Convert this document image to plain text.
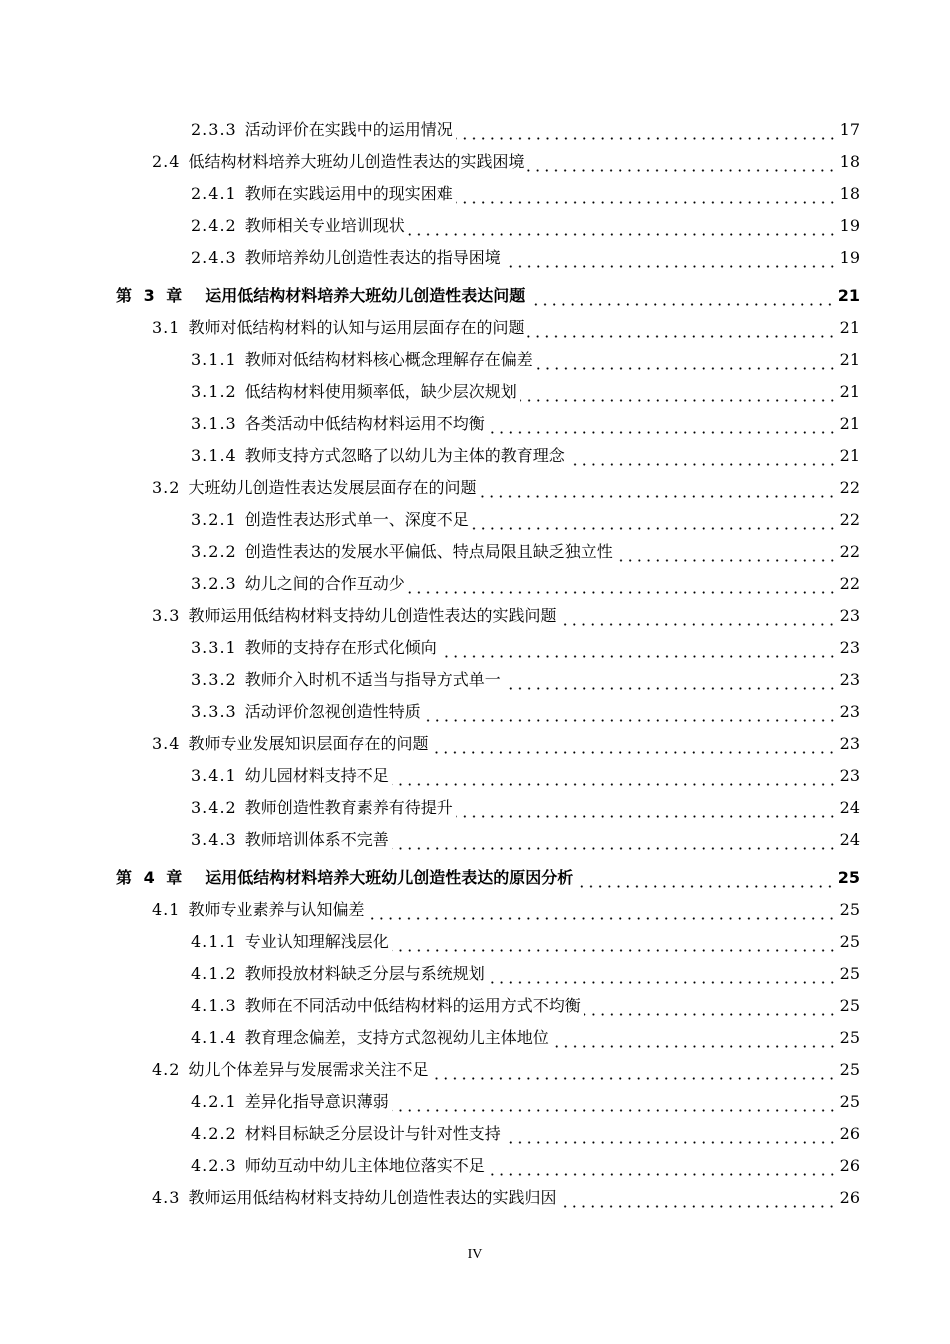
2.3.3 活动评价在实践中的运用情况	17
2.4 低结构材料培养大班幼儿创造性表达的实践困境	18
2.4.1 教师在实践运用中的现实困难	18
2.4.2 教师相关专业培训现状	19
2.4.3 教师培养幼儿创造性表达的指导困境	19
第 3 章 运用低结构材料培养大班幼儿创造性表达问题	21
3.1 教师对低结构材料的认知与运用层面存在的问题	21
3.1.1 教师对低结构材料核心概念理解存在偏差	21
3.1.2 低结构材料使用频率低，缺少层次规划	21
3.1.3 各类活动中低结构材料运用不均衡	21
3.1.4 教师支持方式忽略了以幼儿为主体的教育理念	21
3.2 大班幼儿创造性表达发展层面存在的问题	22
3.2.1 创造性表达形式单一、深度不足	22
3.2.2 创造性表达的发展水平偏低、特点局限且缺乏独立性	22
3.2.3 幼儿之间的合作互动少	22
3.3 教师运用低结构材料支持幼儿创造性表达的实践问题	23
3.3.1 教师的支持存在形式化倾向	23
3.3.2 教师介入时机不适当与指导方式单一	23
3.3.3 活动评价忽视创造性特质	23
3.4 教师专业发展知识层面存在的问题	23
3.4.1 幼儿园材料支持不足	23
3.4.2 教师创造性教育素养有待提升	24
3.4.3 教师培训体系不完善	24
第 4 章 运用低结构材料培养大班幼儿创造性表达的原因分析	25
4.1 教师专业素养与认知偏差	25
4.1.1 专业认知理解浅层化	25
4.1.2 教师投放材料缺乏分层与系统规划	25
4.1.3 教师在不同活动中低结构材料的运用方式不均衡	25
4.1.4 教育理念偏差，支持方式忽视幼儿主体地位	25
4.2 幼儿个体差异与发展需求关注不足	25
4.2.1 差异化指导意识薄弱	25
4.2.2 材料目标缺乏分层设计与针对性支持	26
4.2.3 师幼互动中幼儿主体地位落实不足	26
4.3 教师运用低结构材料支持幼儿创造性表达的实践归因	26
IV
